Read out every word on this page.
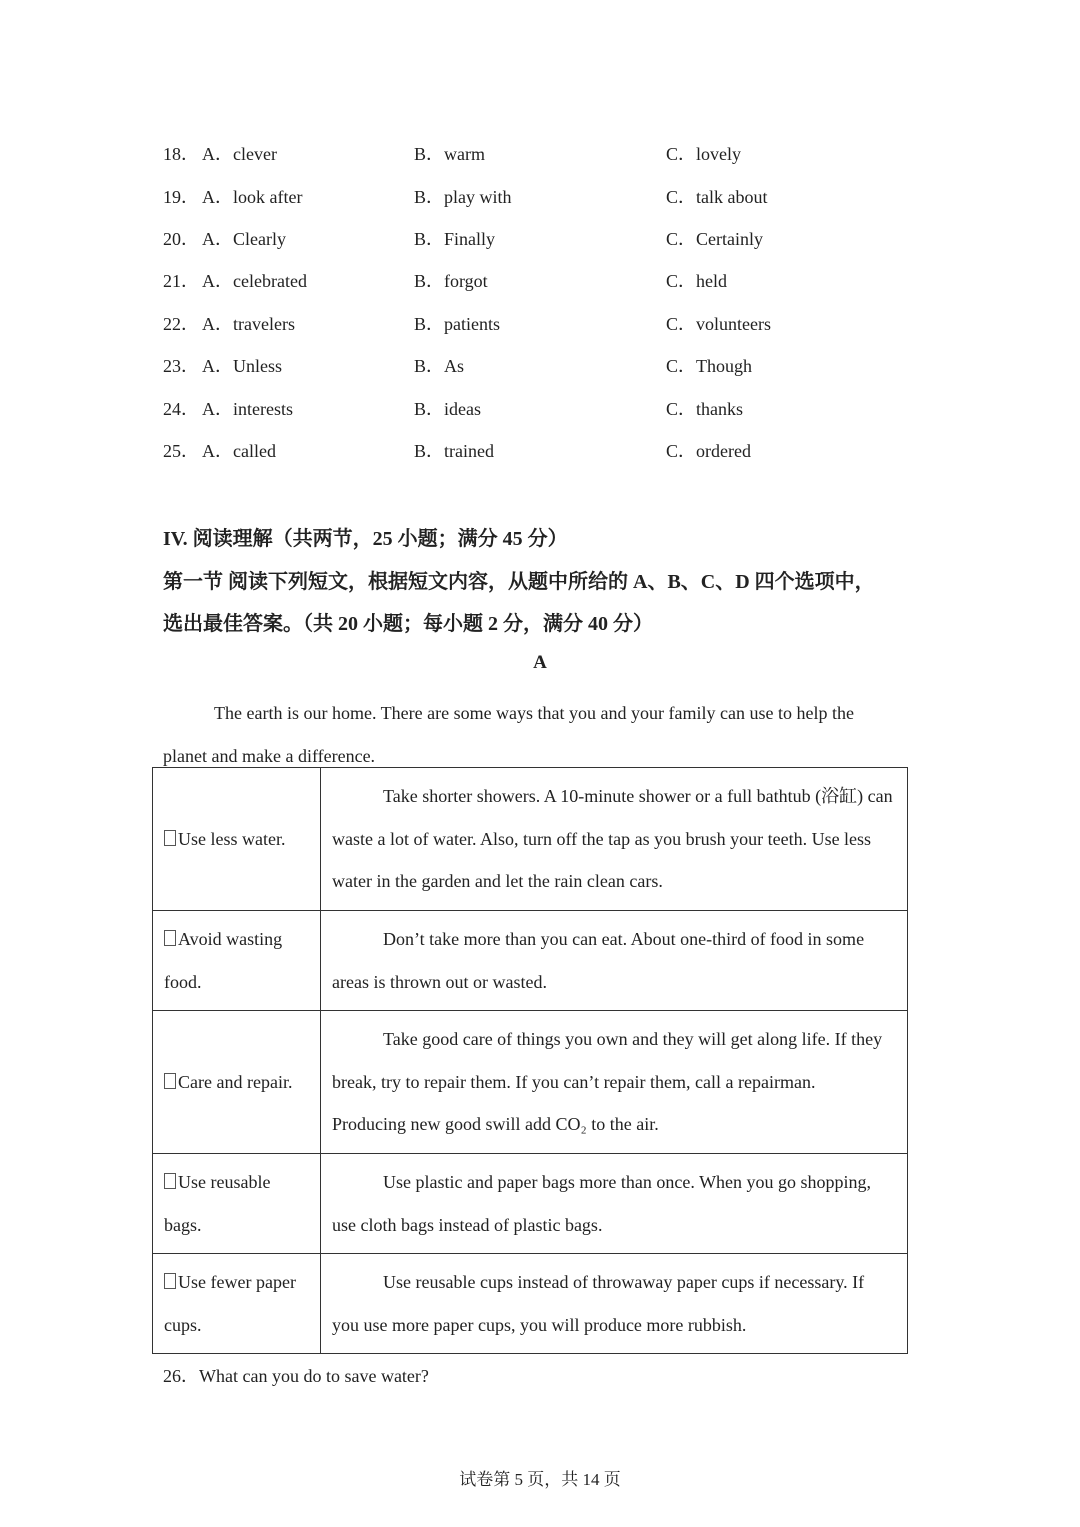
18． A．clever	B．warm	C．lovely
19． A．look after	B．play with	C．talk about
20． A．Clearly	B．Finally	C．Certainly
21． A．celebrated	B．forgot	C．held
22． A．travelers	B．patients	C．volunteers
23． A．Unless	B．As	C．Though
24． A．interests	B．ideas	C．thanks
25． A．called	B．trained	C．ordered
IV. 阅读理解（共两节，25 小题；满分 45 分）
第一节 阅读下列短文，根据短文内容，从题中所给的 A、B、C、D 四个选项中，
选出最佳答案。（共 20 小题；每小题 2 分，满分 40 分）
A
The earth is our home. There are some ways that you and your family can use to help the planet and make a difference.
Use less water.	Take shorter showers. A 10-minute shower or a full bathtub (浴缸) can waste a lot of water. Also, turn off the tap as you brush your teeth. Use less water in the garden and let the rain clean cars.
Avoid wasting food.	Don’t take more than you can eat. About one-third of food in some areas is thrown out or wasted.
Care and repair.	Take good care of things you own and they will get along life. If they break, try to repair them. If you can’t repair them, call a repairman. Producing new good swill add CO₂ to the air.
Use reusable bags.	Use plastic and paper bags more than once. When you go shopping, use cloth bags instead of plastic bags.
Use fewer paper cups.	Use reusable cups instead of throwaway paper cups if necessary. If you use more paper cups, you will produce more rubbish.
26．What can you do to save water?
试卷第 5 页，共 14 页
